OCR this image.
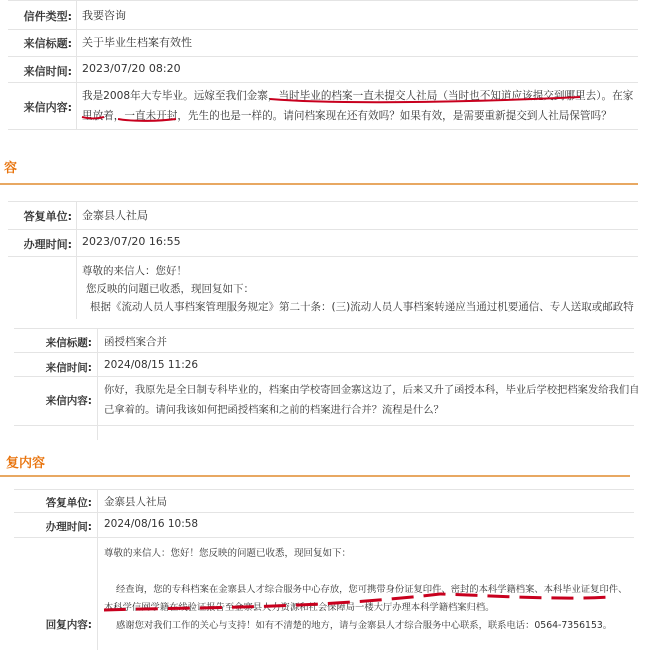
信件类型: 我要咨询
来信标题: 关于毕业生档案有效性
来信时间: 2023/07/20 08:20
来信内容:
我是2008年大专毕业。远嫁至我们金寨，当时毕业的档案一直未提交人社局（当时也不知道应该提交到哪里去）。在家
里放着，一直未开封，先生的也是一样的。请问档案现在还有效吗？如果有效，是需要重新提交到人社局保管吗？
容
答复单位: 金寨县人社局
办理时间: 2023/07/20 16:55
尊敬的来信人：您好！
您反映的问题已收悉，现回复如下：
根据《流动人员人事档案管理服务规定》第二十条：(三)流动人员人事档案转递应当通过机要通信、专人送取或邮政特
来信标题: 函授档案合并
来信时间: 2024/08/15 11:26
来信内容:
你好，我原先是全日制专科毕业的，档案由学校寄回金寨这边了，后来又升了函授本科，毕业后学校把档案发给我们自
己拿着的。请问我该如何把函授档案和之前的档案进行合并？流程是什么？
复内容
答复单位: 金寨县人社局
办理时间: 2024/08/16 10:58
尊敬的来信人：您好！您反映的问题已收悉，现回复如下：
经查询，您的专科档案在金寨县人才综合服务中心存放，您可携带身份证复印件、密封的本科学籍档案、本科毕业证复印件、
本科学信网学籍在线验证报告至金寨县人力资源和社会保障局一楼大厅办理本科学籍档案归档。
回复内容:	感谢您对我们工作的关心与支持！如有不清楚的地方，请与金寨县人才综合服务中心联系，联系电话：0564-7356153。
